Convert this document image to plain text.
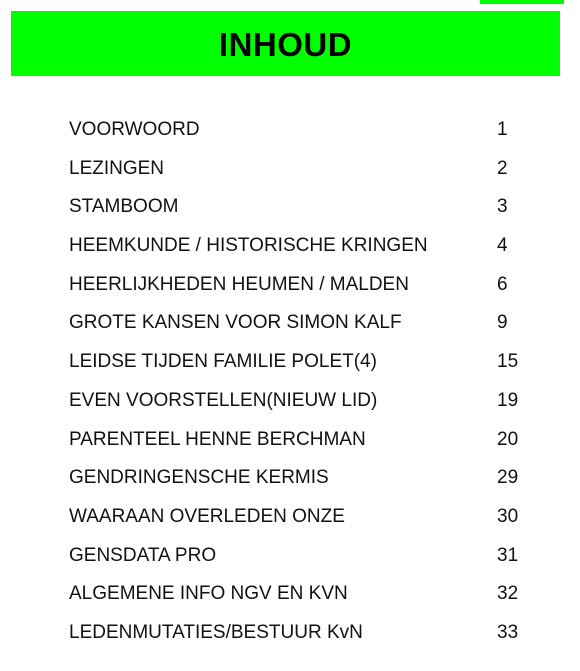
INHOUD
VOORWOORD	1
LEZINGEN	2
STAMBOOM	3
HEEMKUNDE / HISTORISCHE KRINGEN	4
HEERLIJKHEDEN HEUMEN / MALDEN	6
GROTE KANSEN VOOR SIMON KALF	9
LEIDSE TIJDEN FAMILIE POLET(4)	15
EVEN VOORSTELLEN(NIEUW LID)	19
PARENTEEL HENNE BERCHMAN	20
GENDRINGENSCHE KERMIS	29
WAARAAN OVERLEDEN ONZE	30
GENSDATA PRO	31
ALGEMENE INFO NGV EN KVN	32
LEDENMUTATIES/BESTUUR KvN	33
